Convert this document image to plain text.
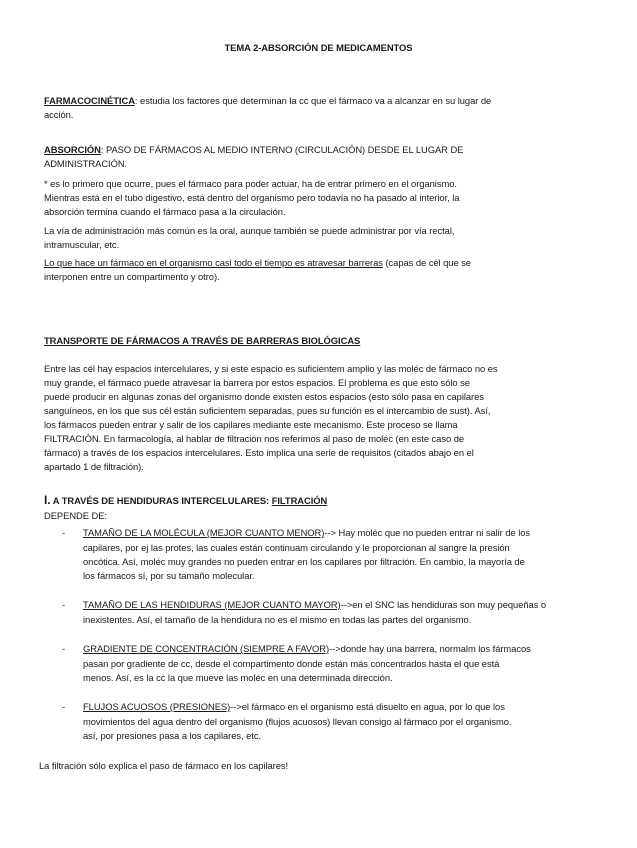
TEMA 2-ABSORCIÓN DE MEDICAMENTOS
FARMACOCINÉTICA: estudia los factores que determinan la cc que el fármaco va a alcanzar en su lugar de
acción.
ABSORCIÓN: PASO DE FÁRMACOS AL MEDIO INTERNO (CIRCULACIÓN) DESDE EL LUGAR DE
ADMINISTRACIÓN.
* es lo primero que ocurre, pues el fármaco para poder actuar, ha de entrar primero en el organismo.
Mientras está en el tubo digestivo, está dentro del organismo pero todavía no ha pasado al interior, la
absorción termina cuando el fármaco pasa a la circulación.
La vía de administración más común es la oral, aunque también se puede administrar por vía rectal,
intramuscular, etc.
Lo que hace un fármaco en el organismo casi todo el tiempo es atravesar barreras (capas de cél que se
interponen entre un compartimento y otro).
TRANSPORTE DE FÁRMACOS A TRAVÉS DE BARRERAS BIOLÓGICAS
Entre las cél hay espacios intercelulares, y si este espacio es suficientem amplio y las moléc de fármaco no es
muy grande, el fármaco puede atravesar la barrera por estos espacios. El problema es que esto sólo se
puede producir en algunas zonas del organismo donde existen estos espacios (esto sólo pasa en capilares
sanguíneos, en los que sus cél están suficientem separadas, pues su función es el intercambio de sust). Así,
los fármacos pueden entrar y salir de los capilares mediante este mecanismo. Este proceso se llama
FILTRACIÓN. En farmacología, al hablar de filtración nos referimos al paso de moléc (en este caso de
fármaco) a través de los espacios intercelulares. Esto implica una serie de requisitos (citados abajo en el
apartado 1 de filtración).
I. A TRAVÉS DE HENDIDURAS INTERCELULARES: FILTRACIÓN
DEPENDE DE:
- TAMAÑO DE LA MOLÉCULA (MEJOR CUANTO MENOR)--> Hay moléc que no pueden entrar ni salir de los
capilares, por ej las protes, las cuales están continuam circulando y le proporcionan al sangre la presión
oncótica. Así, moléc muy grandes no pueden entrar en los capilares por filtración. En cambio, la mayoría de
los fármacos sí, por su tamaño molecular.
- TAMAÑO DE LAS HENDIDURAS (MEJOR CUANTO MAYOR)-->en el SNC las hendiduras son muy pequeñas o
inexistentes. Así, el tamaño de la hendidura no es el mismo en todas las partes del organismo.
- GRADIENTE DE CONCENTRACIÓN (SIEMPRE A FAVOR)-->donde hay una barrera, normalm los fármacos
pasan por gradiente de cc, desde el compartimento donde están más concentrados hasta el que está
menos. Así, es la cc la que mueve las moléc en una determinada dirección.
- FLUJOS ACUOSOS (PRESIONES)-->el fármaco en el organismo está disuelto en agua, por lo que los
movimientos del agua dentro del organismo (flujos acuosos) llevan consigo al fármaco por el organismo.
así, por presiones pasa a los capilares, etc.
La filtración sólo explica el paso de fármaco en los capilares!
